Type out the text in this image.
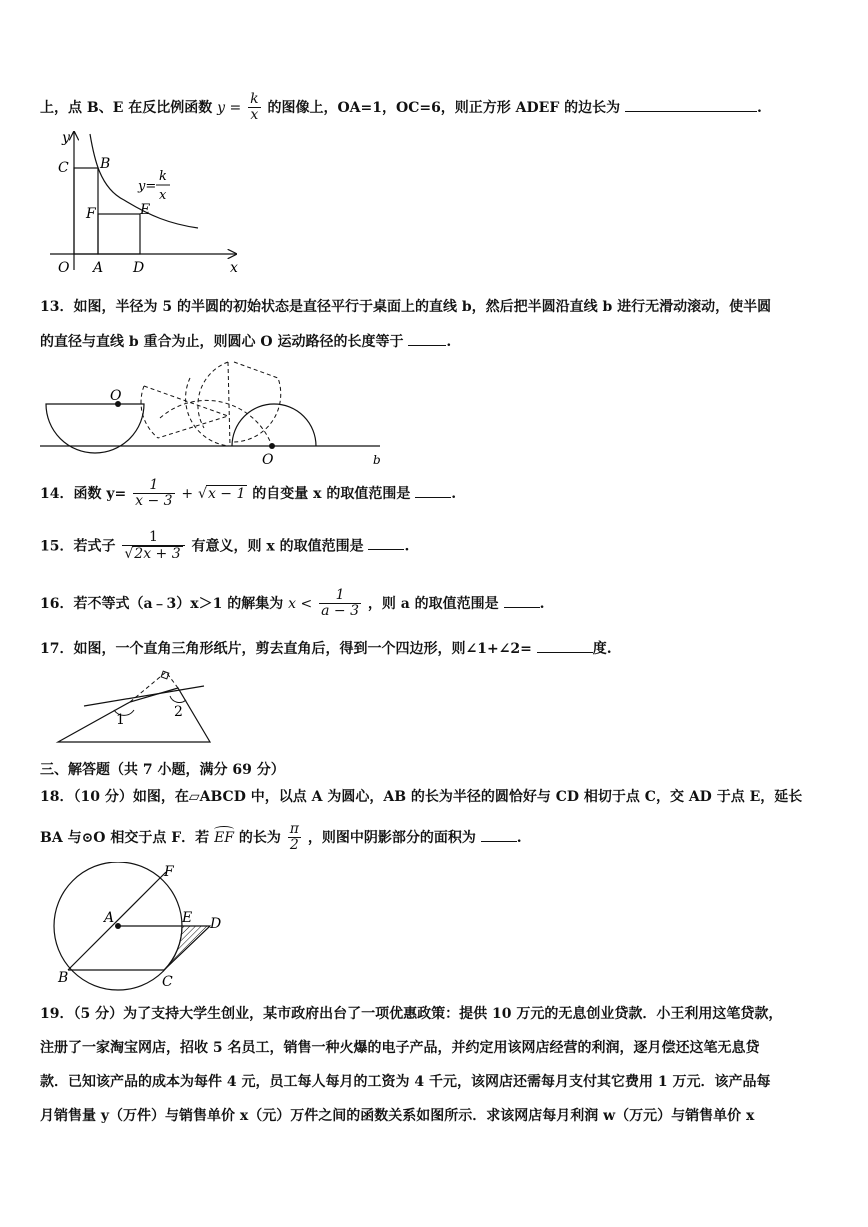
上，点 B、E 在反比例函数 $y = \frac{k}{x}$ 的图像上，OA=1，OC=6，则正方形 ADEF 的边长为	.
y
x
O
C B
F	E
A D
y=
k
x
13．如图，半径为 5 的半圆的初始状态是直径平行于桌面上的直线 b，然后把半圆沿直线 b 进行无滑动滚动，使半圆
的直径与直线 b 重合为止，则圆心 O 运动路径的长度等于	.
O
O	b
14．函数 $y= \frac{1}{x - 3} + √x - 1$ 的自变量 x 的取值范围是	.
15．若式子 $\frac{1}{√2x + 3}$ 有意义，则 x 的取值范围是	.
16．若不等式（a﹣3）x＞1 的解集为 $x < \frac{1}{a - 3}$ ，则 a 的取值范围是	.
17．如图，一个直角三角形纸片，剪去直角后，得到一个四边形，则∠1+∠2=	度.
1	2
三、解答题（共 7 小题，满分 69 分）
18．（10 分）如图，在▱ABCD 中，以点 A 为圆心，AB 的长为半径的圆恰好与 CD 相切于点 C，交 AD 于点 E，延长
BA 与⊙O 相交于点 F．若 EF 的长为 $\frac{\pi}{2}$ ，则图中阴影部分的面积为	.
F
A	E D
B	C
19．（5 分）为了支持大学生创业，某市政府出台了一项优惠政策：提供 10 万元的无息创业贷款．小王利用这笔贷款，
注册了一家淘宝网店，招收 5 名员工，销售一种火爆的电子产品，并约定用该网店经营的利润，逐月偿还这笔无息贷
款．已知该产品的成本为每件 4 元，员工每人每月的工资为 4 千元，该网店还需每月支付其它费用 1 万元．该产品每
月销售量 y（万件）与销售单价 x（元）万件之间的函数关系如图所示．求该网店每月利润 w（万元）与销售单价 x
